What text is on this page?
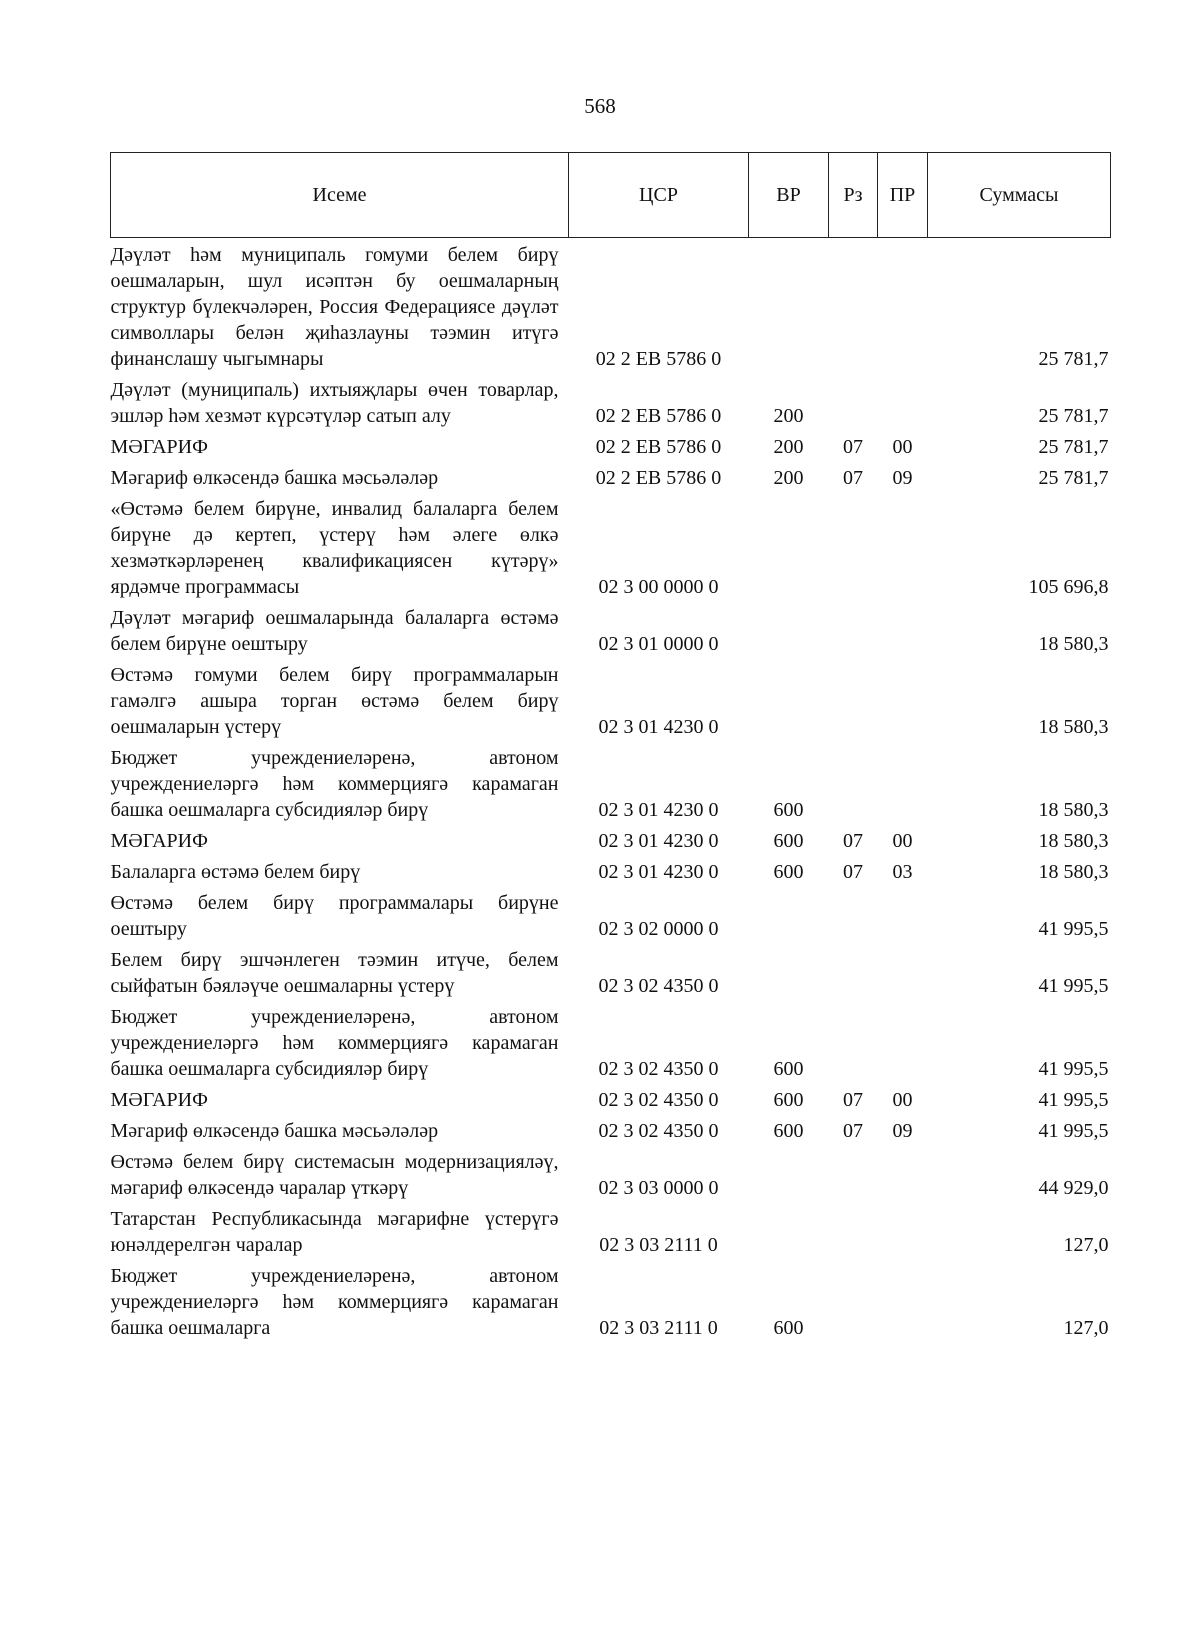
568
Исеме	ЦСР	ВР	Рз	ПР	Суммасы
Дәүләт һәм муниципаль гомуми белем бирү оешмаларын, шул исәптән бу оешмаларның структур бүлекчәләрен, Россия Федерациясе дәүләт символлары белән җиһазлауны тәэмин итүгә финанслашу чыгымнары	02 2 ЕВ 5786 0				25 781,7
Дәүләт (муниципаль) ихтыяҗлары өчен товарлар, эшләр һәм хезмәт күрсәтүләр сатып алу	02 2 ЕВ 5786 0	200			25 781,7
МӘГАРИФ	02 2 ЕВ 5786 0	200	07	00	25 781,7
Мәгариф өлкәсендә башка мәсьәләләр	02 2 ЕВ 5786 0	200	07	09	25 781,7
«Өстәмә белем бирүне, инвалид балаларга белем бирүне дә кертеп, үстерү һәм әлеге өлкә хезмәткәрләренең квалификациясен күтәрү» ярдәмче программасы	02 3 00 0000 0				105 696,8
Дәүләт мәгариф оешмаларында балаларга өстәмә белем бирүне оештыру	02 3 01 0000 0				18 580,3
Өстәмә гомуми белем бирү программаларын гамәлгә ашыра торган өстәмә белем бирү оешмаларын үстерү	02 3 01 4230 0				18 580,3
Бюджет учреждениеләренә, автоном учреждениеләргә һәм коммерциягә карамаган башка оешмаларга субсидияләр бирү	02 3 01 4230 0	600			18 580,3
МӘГАРИФ	02 3 01 4230 0	600	07	00	18 580,3
Балаларга өстәмә белем бирү	02 3 01 4230 0	600	07	03	18 580,3
Өстәмә белем бирү программалары бирүне оештыру	02 3 02 0000 0				41 995,5
Белем бирү эшчәнлеген тәэмин итүче, белем сыйфатын бәяләүче оешмаларны үстерү	02 3 02 4350 0				41 995,5
Бюджет учреждениеләренә, автоном учреждениеләргә һәм коммерциягә карамаган башка оешмаларга субсидияләр бирү	02 3 02 4350 0	600			41 995,5
МӘГАРИФ	02 3 02 4350 0	600	07	00	41 995,5
Мәгариф өлкәсендә башка мәсьәләләр	02 3 02 4350 0	600	07	09	41 995,5
Өстәмә белем бирү системасын модернизацияләү, мәгариф өлкәсендә чаралар үткәрү	02 3 03 0000 0				44 929,0
Татарстан Республикасында мәгарифне үстерүгә юнәлдерелгән чаралар	02 3 03 2111 0				127,0
Бюджет учреждениеләренә, автоном учреждениеләргә һәм коммерциягә карамаган башка оешмаларга	02 3 03 2111 0	600			127,0
